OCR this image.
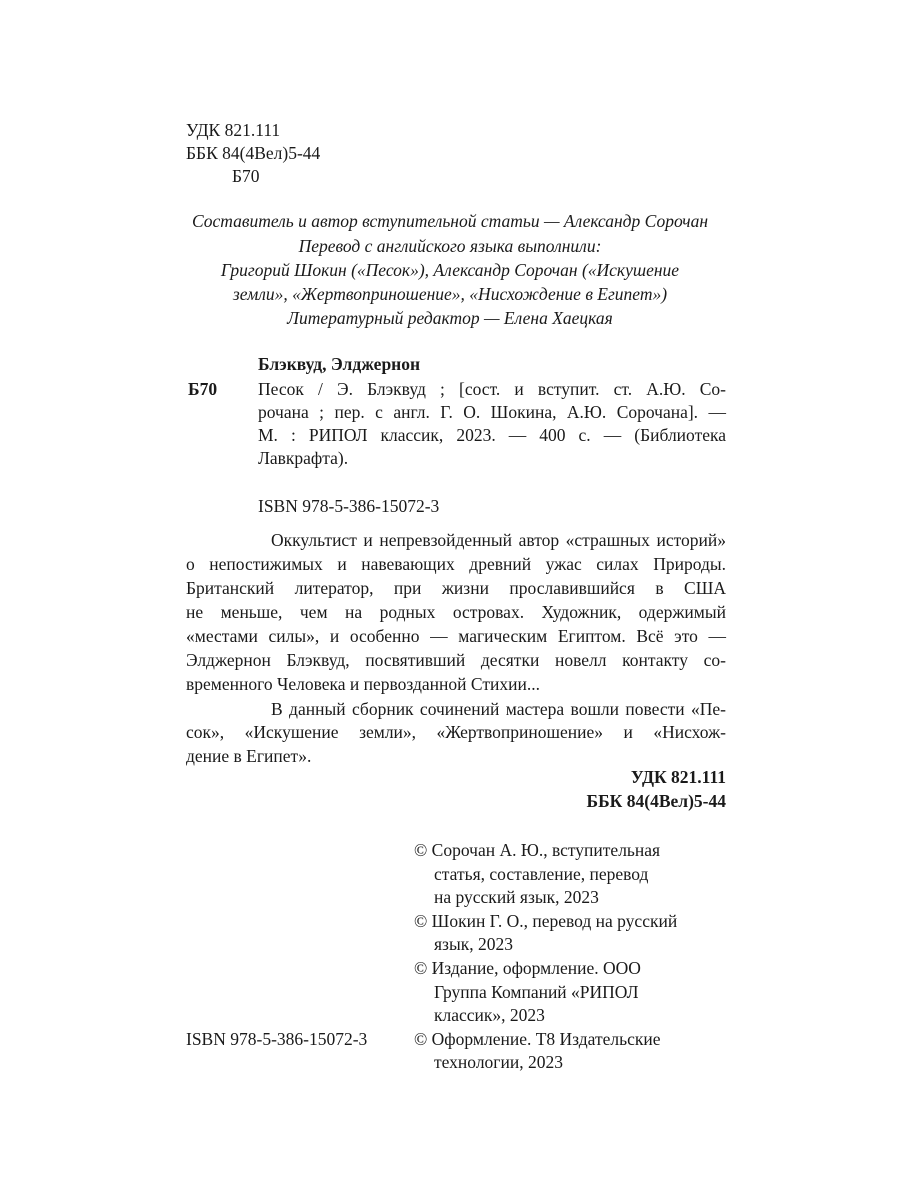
УДК 821.111
ББК 84(4Вел)5-44
Б70
Составитель и автор вступительной статьи — Александр Сорочан
Перевод с английского языка выполнили:
Григорий Шокин («Песок»), Александр Сорочан («Искушение
земли», «Жертвоприношение», «Нисхождение в Египет»)
Литературный редактор — Елена Хаецкая
Блэквуд, Элджернон
Б70 Песок / Э. Блэквуд ; [сост. и вступит. ст. А.Ю. Со-
рочана ; пер. с англ. Г. О. Шокина, А.Ю. Сорочана]. —
М. : РИПОЛ классик, 2023. — 400 с. — (Библиотека
Лавкрафта).
ISBN 978-5-386-15072-3
Оккультист и непревзойденный автор «страшных историй»
о непостижимых и навевающих древний ужас силах Природы.
Британский литератор, при жизни прославившийся в США
не меньше, чем на родных островах. Художник, одержимый
«местами силы», и особенно — магическим Египтом. Всё это —
Элджернон Блэквуд, посвятивший десятки новелл контакту со-
временного Человека и первозданной Стихии...
В данный сборник сочинений мастера вошли повести «Пе-
сок», «Искушение земли», «Жертвоприношение» и «Нисхож-
дение в Египет».
УДК 821.111
ББК 84(4Вел)5-44
© Сорочан А. Ю., вступительная
статья, составление, перевод
на русский язык, 2023
© Шокин Г. О., перевод на русский
язык, 2023
© Издание, оформление. ООО
Группа Компаний «РИПОЛ
классик», 2023
© Оформление. Т8 Издательские
технологии, 2023
ISBN 978-5-386-15072-3
